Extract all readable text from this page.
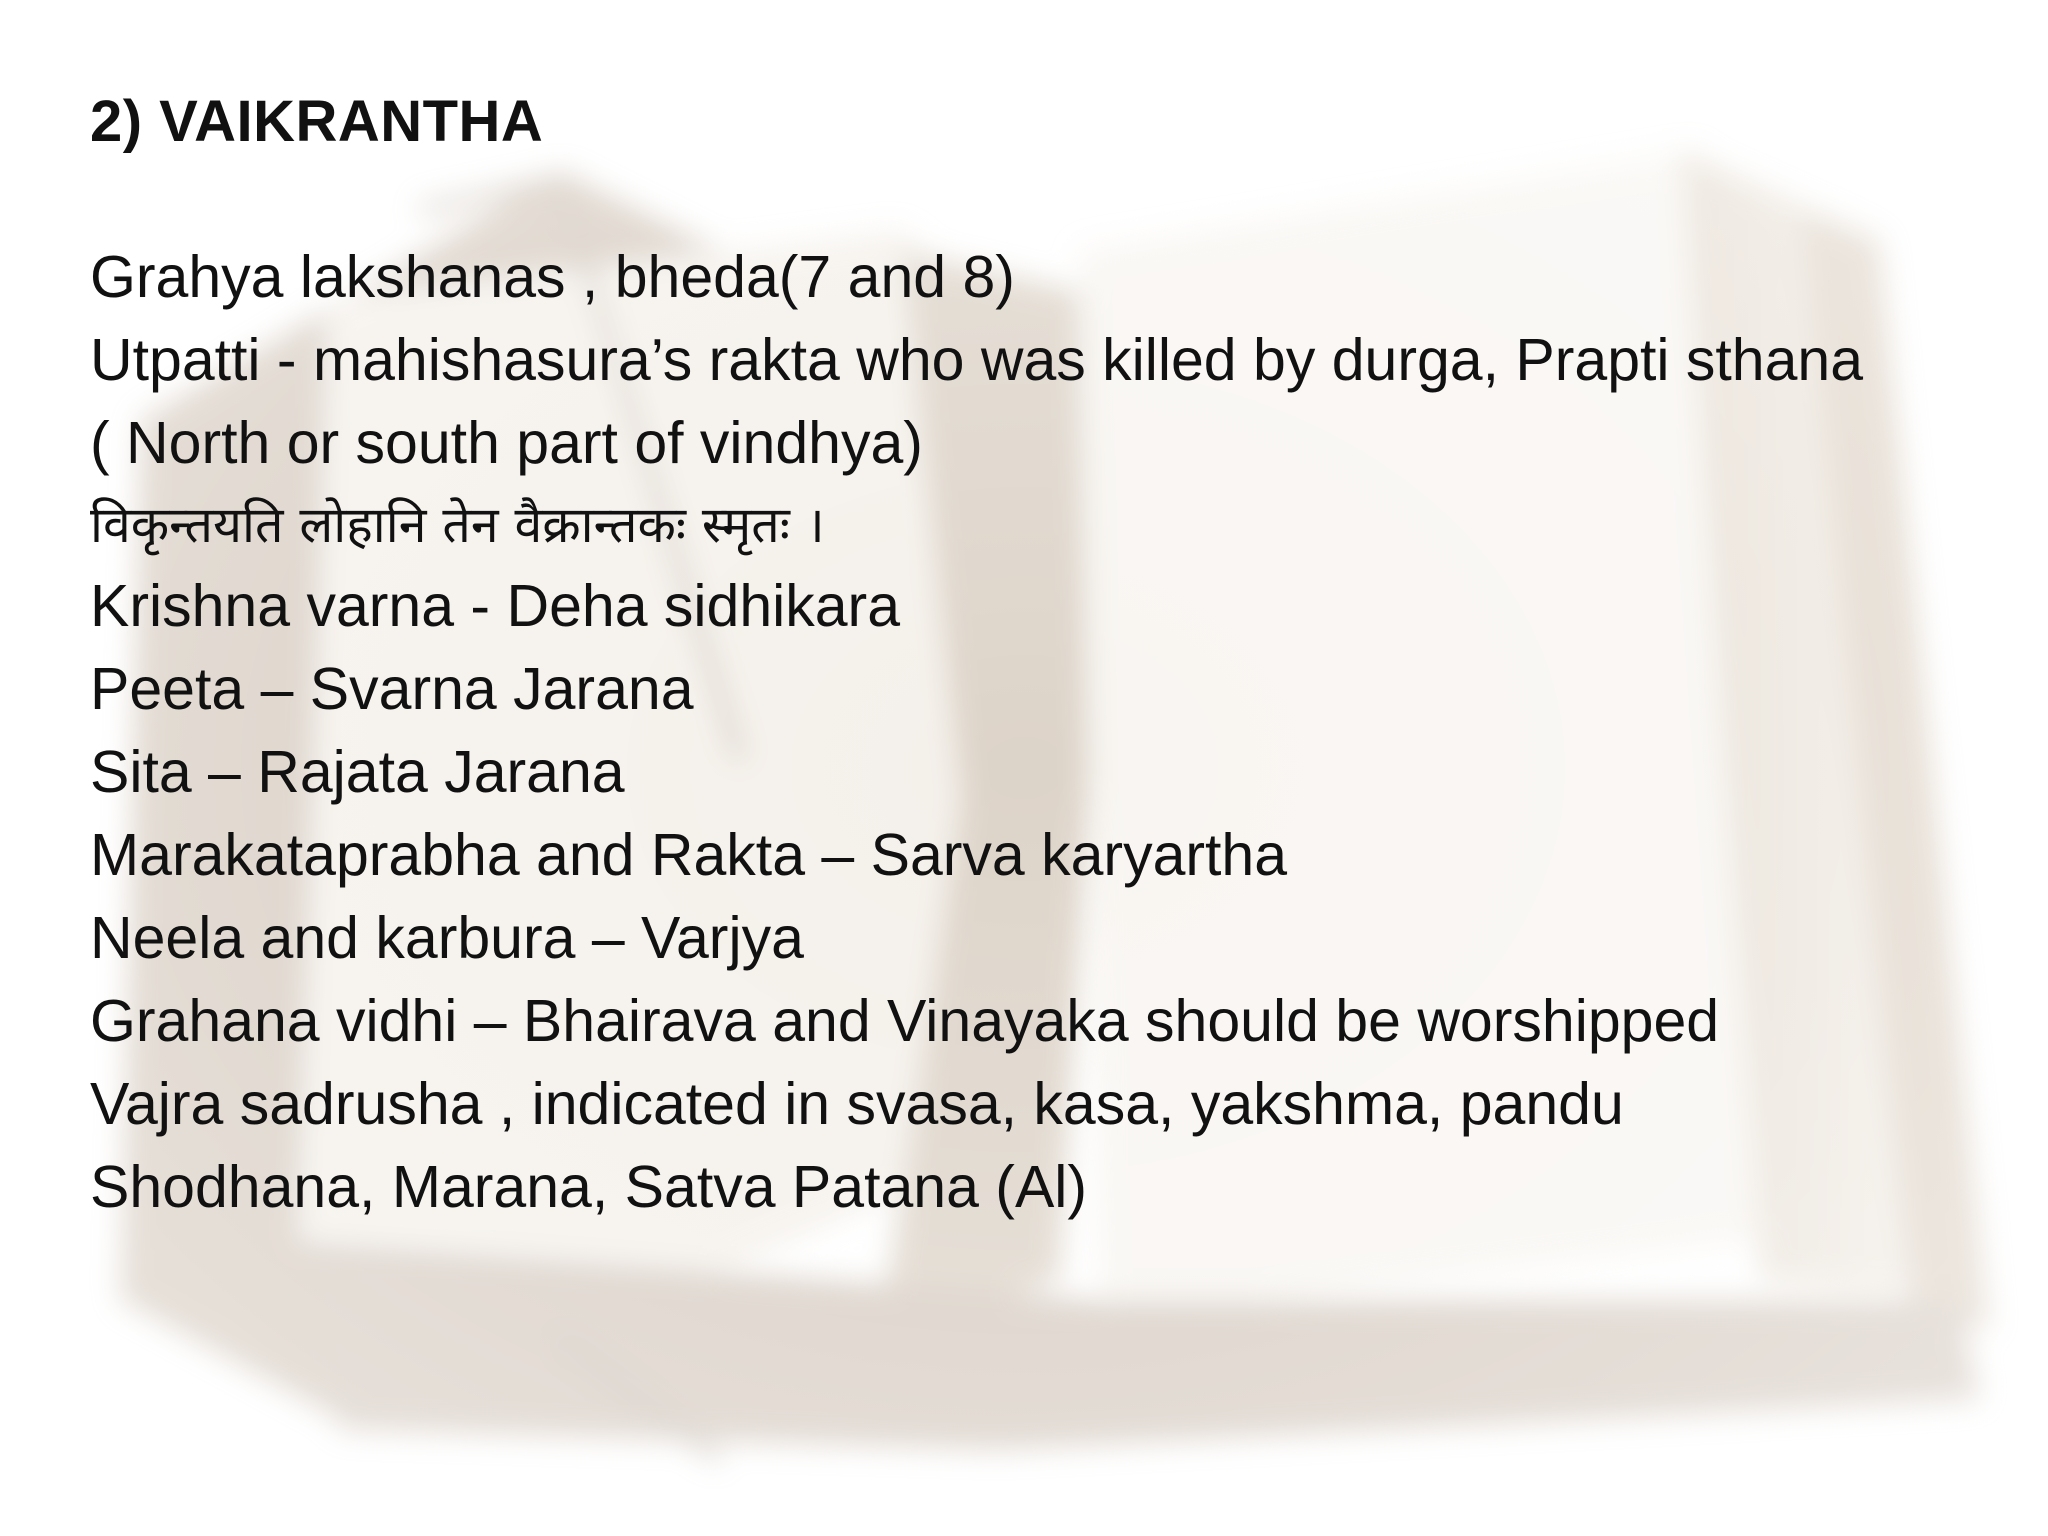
2) VAIKRANTHA
Grahya lakshanas , bheda(7 and 8)
Utpatti - mahishasura’s rakta who was killed by durga, Prapti sthana
( North or south part of vindhya)
विकृन्तयति लोहानि तेन वैक्रान्तकः स्मृतः ।
Krishna varna - Deha sidhikara
Peeta – Svarna Jarana
Sita – Rajata Jarana
Marakataprabha and Rakta – Sarva karyartha
Neela and karbura – Varjya
Grahana vidhi – Bhairava and Vinayaka should be worshipped
Vajra sadrusha , indicated in svasa, kasa, yakshma, pandu
Shodhana, Marana, Satva Patana (Al)
